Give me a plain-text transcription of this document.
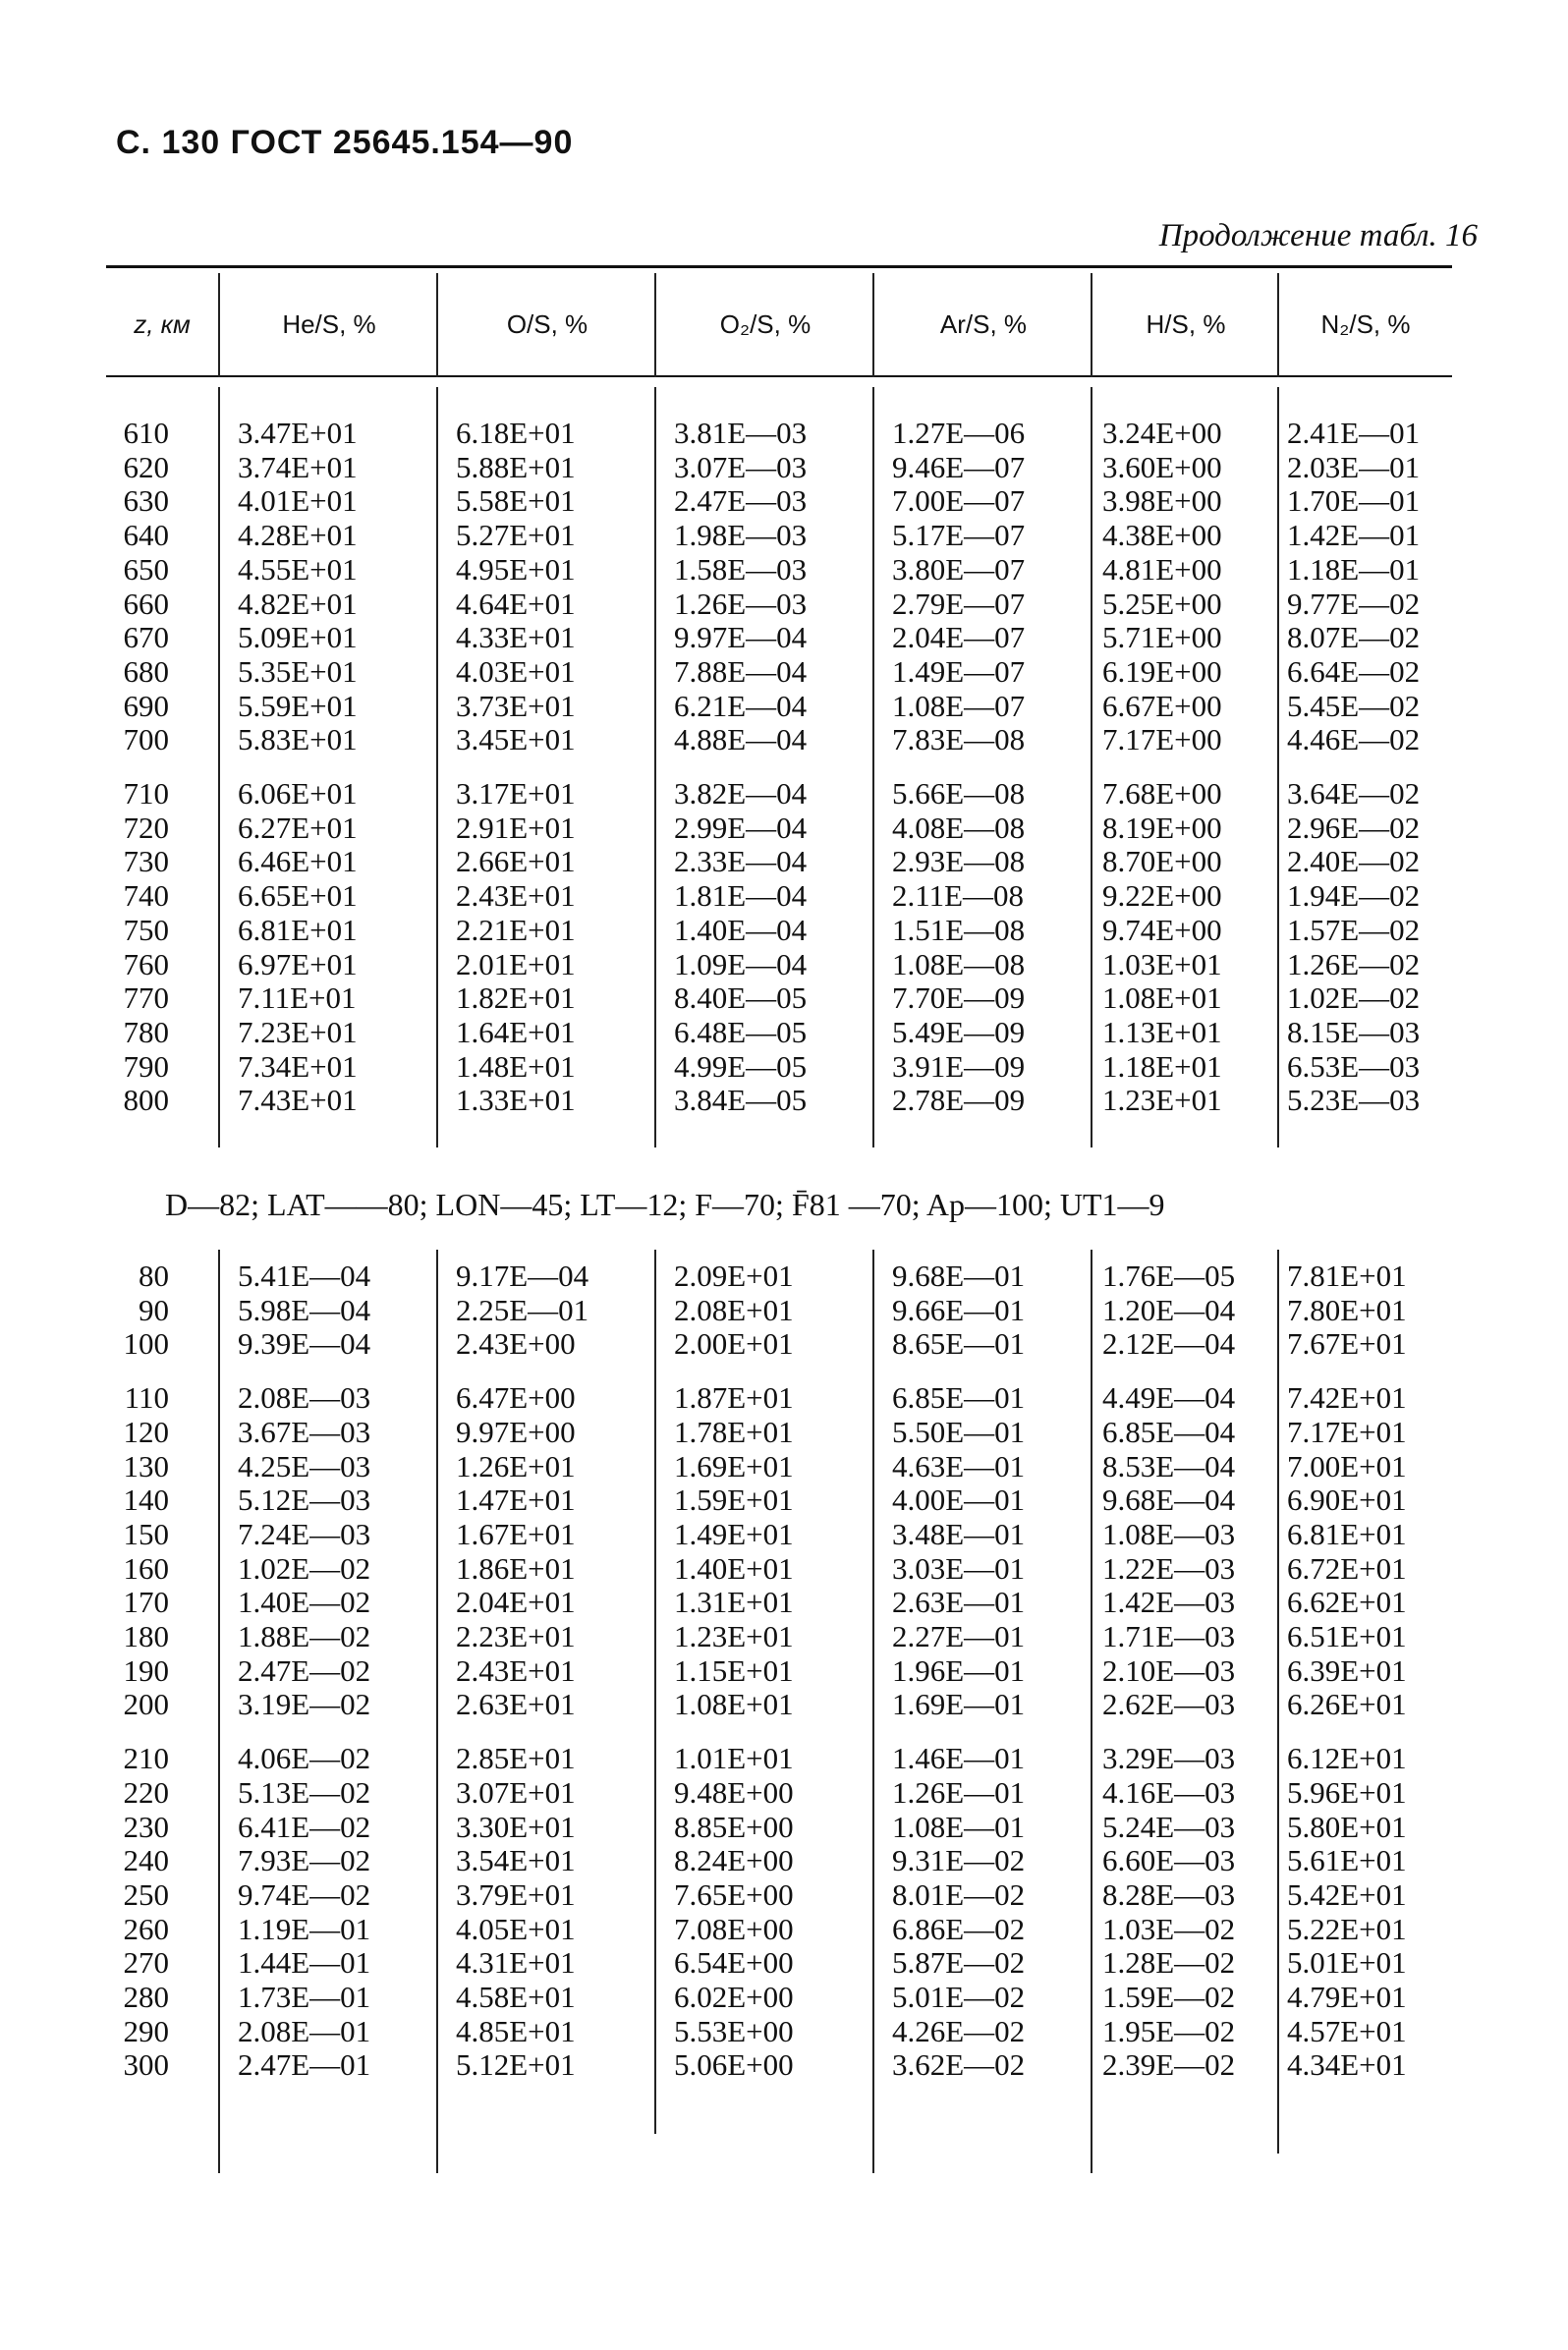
С. 130 ГОСТ 25645.154—90
Продолжение табл. 16
z, км	He/S, %	O/S, %	O₂/S, %	Ar/S, %	H/S, %	N₂/S, %
610 3.47E+01	6.18E+01	3.81E—03	1.27E—06	3.24E+00 2.41E—01
620 3.74E+01	5.88E+01	3.07E—03	9.46E—07	3.60E+00 2.03E—01
630 4.01E+01	5.58E+01	2.47E—03	7.00E—07	3.98E+00 1.70E—01
640 4.28E+01	5.27E+01	1.98E—03	5.17E—07	4.38E+00 1.42E—01
650 4.55E+01	4.95E+01	1.58E—03	3.80E—07	4.81E+00 1.18E—01
660 4.82E+01	4.64E+01	1.26E—03	2.79E—07	5.25E+00 9.77E—02
670 5.09E+01	4.33E+01	9.97E—04	2.04E—07	5.71E+00 8.07E—02
680 5.35E+01	4.03E+01	7.88E—04	1.49E—07	6.19E+00 6.64E—02
690 5.59E+01	3.73E+01	6.21E—04	1.08E—07	6.67E+00 5.45E—02
700 5.83E+01	3.45E+01	4.88E—04	7.83E—08	7.17E+00 4.46E—02
710 6.06E+01	3.17E+01	3.82E—04	5.66E—08	7.68E+00 3.64E—02
720 6.27E+01	2.91E+01	2.99E—04	4.08E—08	8.19E+00 2.96E—02
730 6.46E+01	2.66E+01	2.33E—04	2.93E—08	8.70E+00 2.40E—02
740 6.65E+01	2.43E+01	1.81E—04	2.11E—08	9.22E+00 1.94E—02
750 6.81E+01	2.21E+01	1.40E—04	1.51E—08	9.74E+00 1.57E—02
760 6.97E+01	2.01E+01	1.09E—04	1.08E—08	1.03E+01 1.26E—02
770 7.11E+01	1.82E+01	8.40E—05	7.70E—09	1.08E+01 1.02E—02
780 7.23E+01	1.64E+01	6.48E—05	5.49E—09	1.13E+01 8.15E—03
790 7.34E+01	1.48E+01	4.99E—05	3.91E—09	1.18E+01 6.53E—03
800 7.43E+01	1.33E+01	3.84E—05	2.78E—09	1.23E+01 5.23E—03
D—82; LAT——80; LON—45; LT—12; F—70; F̄81 —70; Ap—100; UT1—9
80 5.41E—04	9.17E—04	2.09E+01	9.68E—01	1.76E—05 7.81E+01
90 5.98E—04	2.25E—01	2.08E+01	9.66E—01	1.20E—04 7.80E+01
100 9.39E—04	2.43E+00	2.00E+01	8.65E—01	2.12E—04 7.67E+01
110 2.08E—03	6.47E+00	1.87E+01	6.85E—01	4.49E—04 7.42E+01
120 3.67E—03	9.97E+00	1.78E+01	5.50E—01	6.85E—04 7.17E+01
130 4.25E—03	1.26E+01	1.69E+01	4.63E—01	8.53E—04 7.00E+01
140 5.12E—03	1.47E+01	1.59E+01	4.00E—01	9.68E—04 6.90E+01
150 7.24E—03	1.67E+01	1.49E+01	3.48E—01	1.08E—03 6.81E+01
160 1.02E—02	1.86E+01	1.40E+01	3.03E—01	1.22E—03 6.72E+01
170 1.40E—02	2.04E+01	1.31E+01	2.63E—01	1.42E—03 6.62E+01
180 1.88E—02	2.23E+01	1.23E+01	2.27E—01	1.71E—03 6.51E+01
190 2.47E—02	2.43E+01	1.15E+01	1.96E—01	2.10E—03 6.39E+01
200 3.19E—02	2.63E+01	1.08E+01	1.69E—01	2.62E—03 6.26E+01
210 4.06E—02	2.85E+01	1.01E+01	1.46E—01	3.29E—03 6.12E+01
220 5.13E—02	3.07E+01	9.48E+00	1.26E—01	4.16E—03 5.96E+01
230 6.41E—02	3.30E+01	8.85E+00	1.08E—01	5.24E—03 5.80E+01
240 7.93E—02	3.54E+01	8.24E+00	9.31E—02	6.60E—03 5.61E+01
250 9.74E—02	3.79E+01	7.65E+00	8.01E—02	8.28E—03 5.42E+01
260 1.19E—01	4.05E+01	7.08E+00	6.86E—02	1.03E—02 5.22E+01
270 1.44E—01	4.31E+01	6.54E+00	5.87E—02	1.28E—02 5.01E+01
280 1.73E—01	4.58E+01	6.02E+00	5.01E—02	1.59E—02 4.79E+01
290 2.08E—01	4.85E+01	5.53E+00	4.26E—02	1.95E—02 4.57E+01
300 2.47E—01	5.12E+01	5.06E+00	3.62E—02	2.39E—02 4.34E+01
